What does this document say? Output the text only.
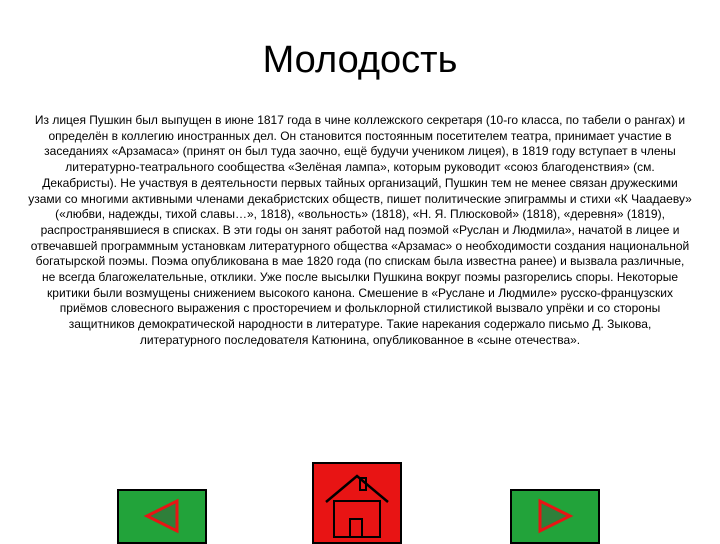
Молодость
Из лицея Пушкин был выпущен в июне 1817 года в чине коллежского секретаря (10-го класса, по табели о рангах) и определён в коллегию иностранных дел. Он становится постоянным посетителем театра, принимает участие в заседаниях «Арзамаса» (принят он был туда заочно, ещё будучи учеником лицея), в 1819 году вступает в члены литературно-театрального сообщества «Зелёная лампа», которым руководит «союз благоденствия» (см. Декабристы). Не участвуя в деятельности первых тайных организаций, Пушкин тем не менее связан дружескими узами со многими активными членами декабристских обществ, пишет политические эпиграммы и стихи «К Чаадаеву» («любви, надежды, тихой славы…», 1818), «вольность» (1818), «Н. Я. Плюсковой» (1818), «деревня» (1819), распространявшиеся в списках. В эти годы он занят работой над поэмой «Руслан и Людмила», начатой в лицее и отвечавшей программным установкам литературного общества «Арзамас» о необходимости создания национальной богатырской поэмы. Поэма опубликована в мае 1820 года (по спискам была известна ранее) и вызвала различные, не всегда благожелательные, отклики. Уже после высылки Пушкина вокруг поэмы разгорелись споры. Некоторые критики были возмущены снижением высокого канона. Смешение в «Руслане и Людмиле» русско-французских приёмов словесного выражения с просторечием и фольклорной стилистикой вызвало упрёки и со стороны защитников демократической народности в литературе. Такие нарекания содержало письмо Д. Зыкова, литературного последователя Катюнина, опубликованное в «сыне отечества».
